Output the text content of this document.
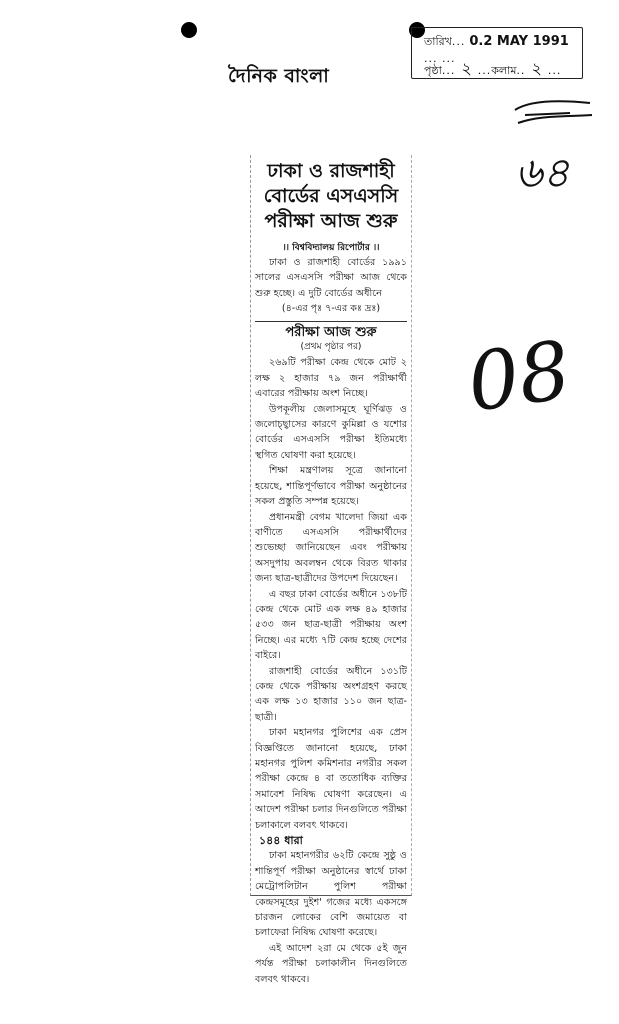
দৈনিক বাংলা
তারিখ... 0.2 MAY 1991 ... ...
পৃষ্ঠা... ২ ...কলাম.. ২ ...
৬৪
08
ঢাকা ও রাজশাহী
বোর্ডের এসএসসি
পরীক্ষা আজ শুরু
।। বিশ্ববিদ্যালয় রিপোর্টার ।।

ঢাকা ও রাজশাহী বোর্ডের ১৯৯১ সালের এসএসসি পরীক্ষা আজ থেকে শুরু হচ্ছে। এ দুটি বোর্ডের অধীনে

(৪-এর পৃঃ ৭-এর কঃ দ্রঃ)
পরীক্ষা আজ শুরু
(প্রথম পৃষ্ঠার পর)

২৬৯টি পরীক্ষা কেন্দ্র থেকে মোট ২ লক্ষ ২ হাজার ৭৯ জন পরীক্ষার্থী এবারের পরীক্ষায় অংশ নিচ্ছে।

উপকূলীয় জেলাসমূহে ঘূর্ণিঝড় ও জলোচ্ছ্বাসের কারণে কুমিল্লা ও যশোর বোর্ডের এসএসসি পরীক্ষা ইতিমধ্যে স্থগিত ঘোষণা করা হয়েছে।

শিক্ষা মন্ত্রণালয় সূত্রে জানানো হয়েছে, শান্তিপূর্ণভাবে পরীক্ষা অনুষ্ঠানের সকল প্রস্তুতি সম্পন্ন হয়েছে।

প্রধানমন্ত্রী বেগম খালেদা জিয়া এক বাণীতে এসএসসি পরীক্ষার্থীদের শুভেচ্ছা জানিয়েছেন এবং পরীক্ষায় অসদুপায় অবলম্বন থেকে বিরত থাকার জন্য ছাত্র-ছাত্রীদের উপদেশ দিয়েছেন।

এ বছর ঢাকা বোর্ডের অধীনে ১৩৮টি কেন্দ্র থেকে মোট এক লক্ষ ৪৯ হাজার ৫৩৩ জন ছাত্র-ছাত্রী পরীক্ষায় অংশ নিচ্ছে। এর মধ্যে ৭টি কেন্দ্র হচ্ছে দেশের বাইরে।

রাজশাহী বোর্ডের অধীনে ১৩১টি কেন্দ্র থেকে পরীক্ষায় অংশগ্রহণ করছে এক লক্ষ ১৩ হাজার ১১০ জন ছাত্র-ছাত্রী।

ঢাকা মহানগর পুলিশের এক প্রেস বিজ্ঞপ্তিতে জানানো হয়েছে, ঢাকা মহানগর পুলিশ কমিশনার নগরীর সকল পরীক্ষা কেন্দ্রে ৪ বা ততোধিক ব্যক্তির সমাবেশ নিষিদ্ধ ঘোষণা করেছেন। এ আদেশ পরীক্ষা চলার দিনগুলিতে পরীক্ষা চলাকালে বলবৎ থাকবে।

১৪৪ ধারা

ঢাকা মহানগরীর ৬২টি কেন্দ্রে সুষ্ঠু ও শান্তিপূর্ণ পরীক্ষা অনুষ্ঠানের স্বার্থে ঢাকা মেট্রোপলিটান পুলিশ পরীক্ষা কেন্দ্রসমূহের দুইশ' গজের মধ্যে একসঙ্গে চারজন লোকের বেশি জমায়েত বা চলাফেরা নিষিদ্ধ ঘোষণা করেছে।

এই আদেশ ২রা মে থেকে ৫ই জুন পর্যন্ত পরীক্ষা চলাকালীন দিনগুলিতে বলবৎ থাকবে।
